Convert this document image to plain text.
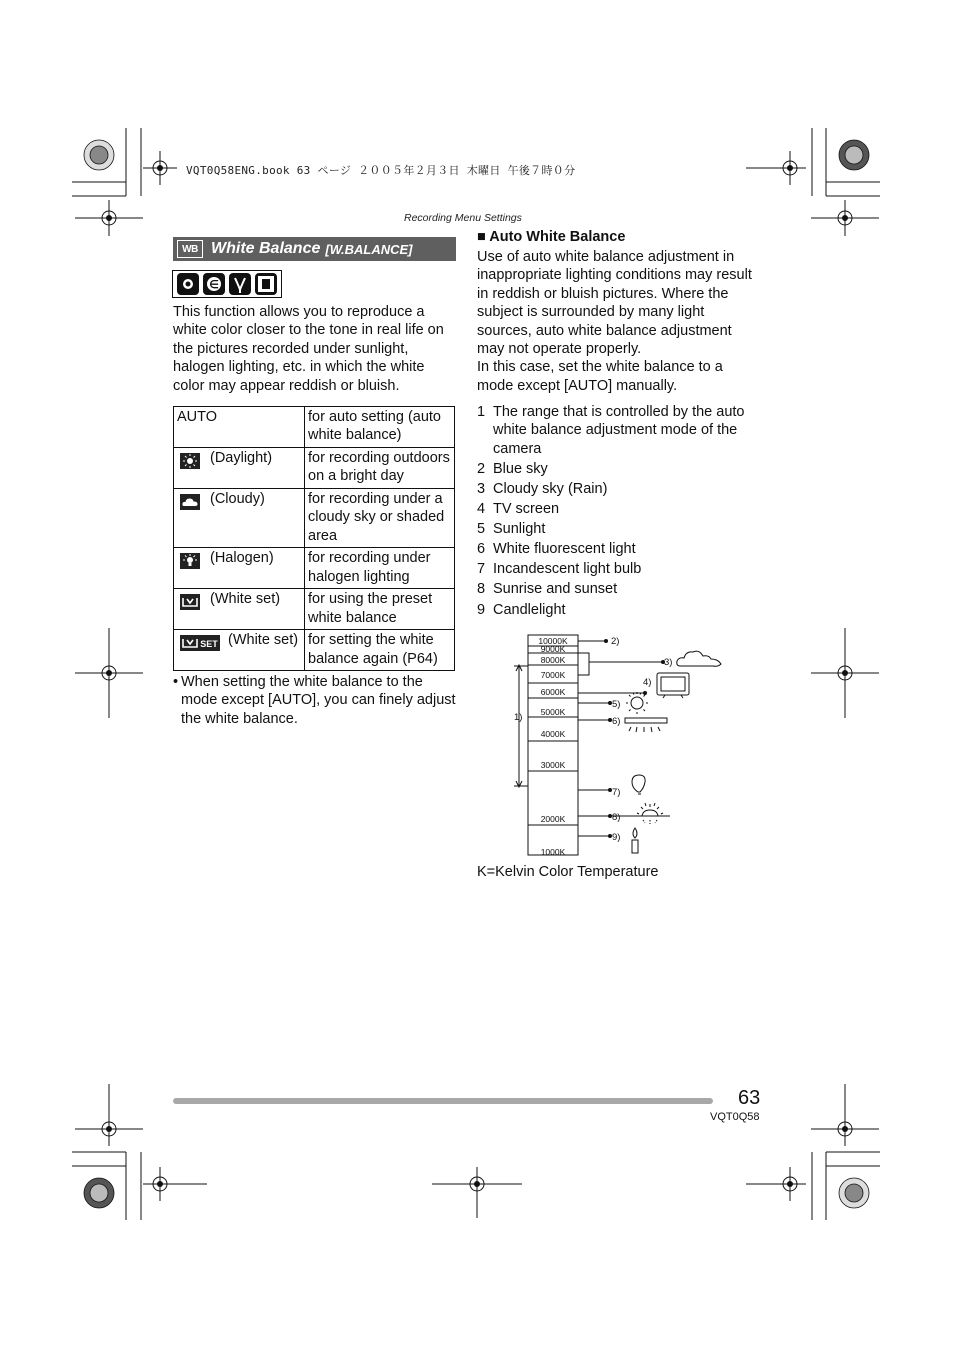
VQT0Q58ENG.book 63 ページ ２００５年２月３日 木曜日 午後７時０分
Recording Menu Settings
WB White Balance [W.BALANCE]
∈
This function allows you to reproduce a white color closer to the tone in real life on the pictures recorded under sunlight, halogen lighting, etc. in which the white color may appear reddish or bluish.
AUTO	for auto setting (auto white balance)

(Daylight)	for recording outdoors on a bright day

(Cloudy)	for recording under a cloudy sky or shaded area

(Halogen)	for recording under halogen lighting

(White set)	for using the preset white balance

SET (White set)	for setting the white balance again (P64)
• When setting the white balance to the mode except [AUTO], you can finely adjust the white balance.
■ Auto White Balance
Use of auto white balance adjustment in inappropriate lighting conditions may result in reddish or bluish pictures. Where the subject is surrounded by many light sources, auto white balance adjustment may not operate properly.
In this case, set the white balance to a mode except [AUTO] manually.
1 The range that is controlled by the auto white balance adjustment mode of the camera
2 Blue sky
3 Cloudy sky (Rain)
4 TV screen
5 Sunlight
6 White fluorescent light
7 Incandescent light bulb
8 Sunrise and sunset
9 Candlelight
10000K
9000K
8000K
7000K
6000K
5000K
4000K
3000K
2000K
1000K
2)
3)
4)
5)
6)
7)
8)
9)
1)
K=Kelvin Color Temperature
63
VQT0Q58
